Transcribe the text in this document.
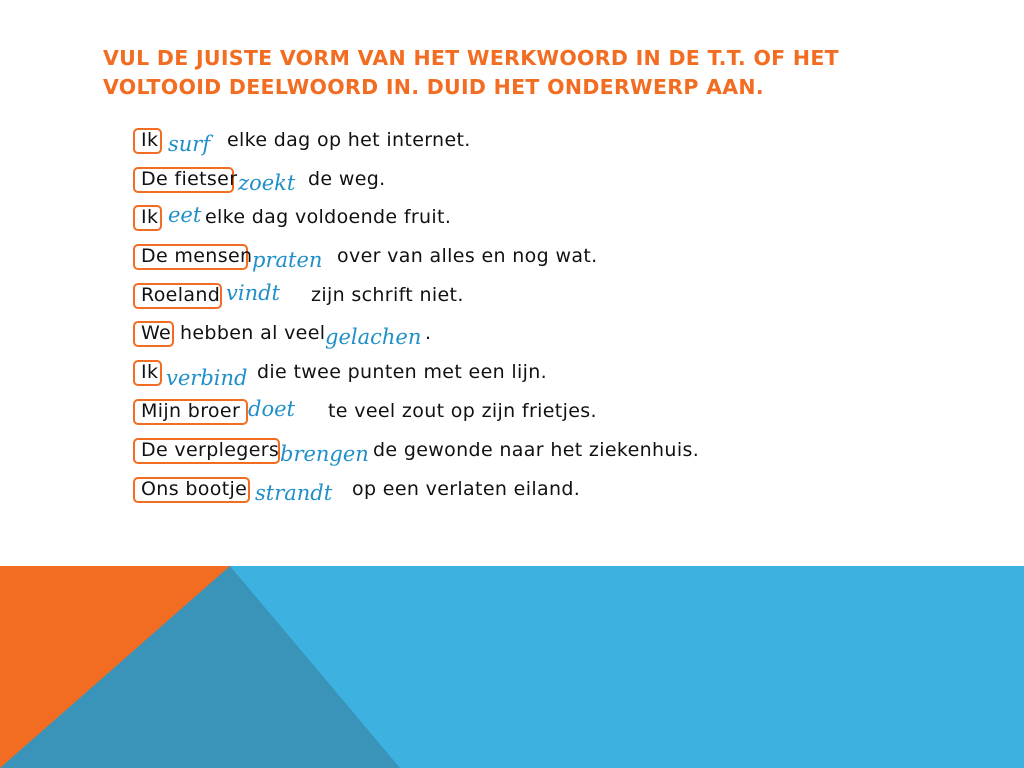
VUL DE JUISTE VORM VAN HET WERKWOORD IN DE T.T. OF HET VOLTOOID DEELWOORD IN. DUID HET ONDERWERP AAN.
Ik surf elke dag op het internet.
De fietser zoekt de weg.
Ik eet elke dag voldoende fruit.
De mensen praten over van alles en nog wat.
Roeland vindt zijn schrift niet.
We hebben al veel gelachen .
Ik verbind die twee punten met een lijn.
Mijn broer doet te veel zout op zijn frietjes.
De verplegers brengen de gewonde naar het ziekenhuis.
Ons bootje strandt op een verlaten eiland.
